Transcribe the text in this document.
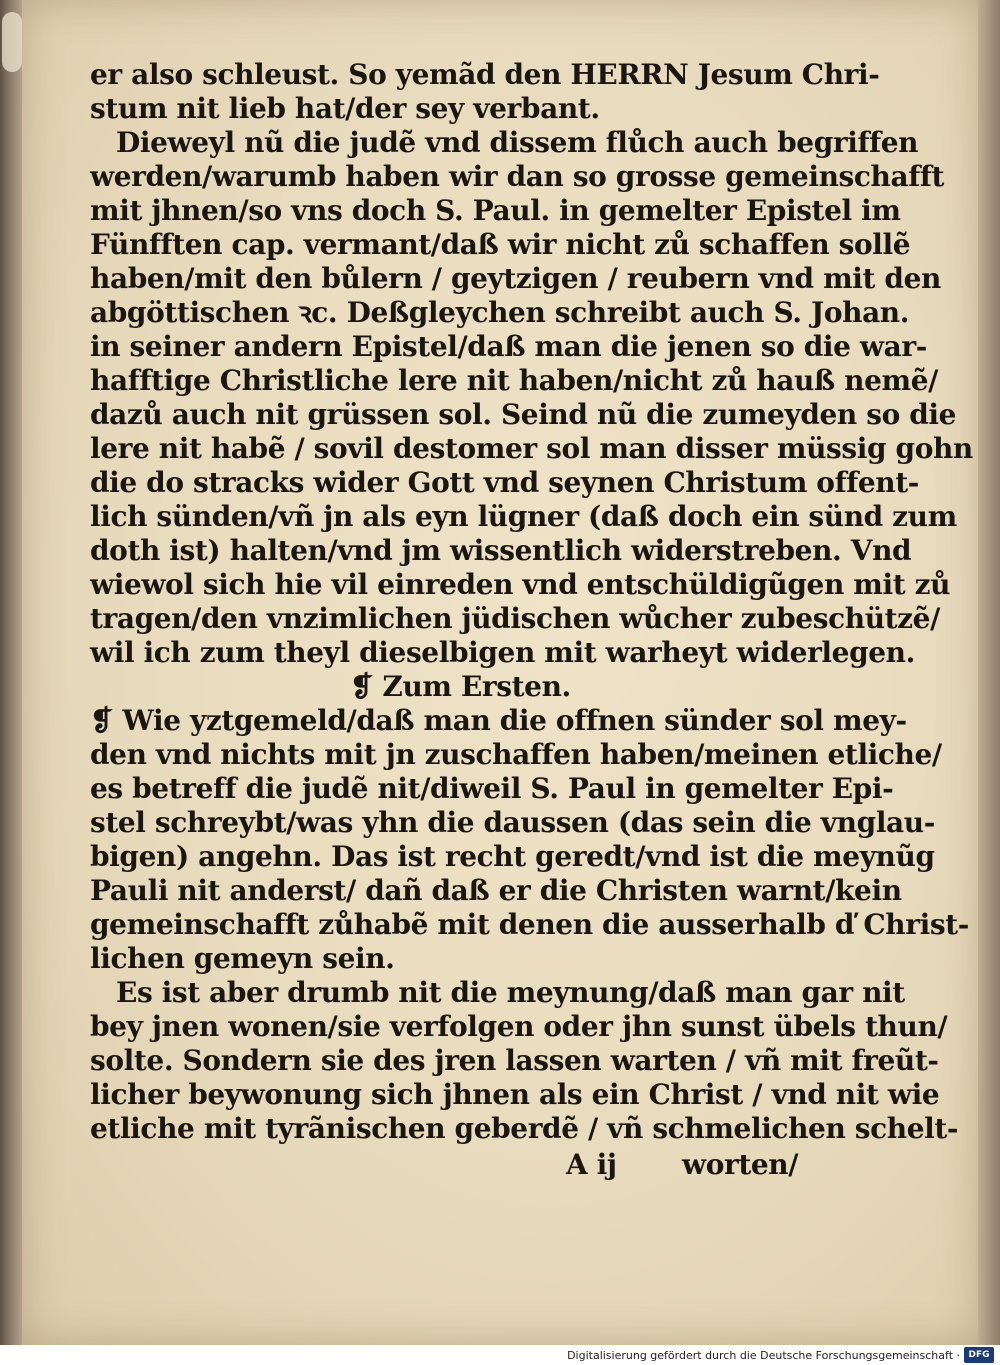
er also schleust. So yemãd den HERRN Jesum Chri-
stum nit lieb hat/der sey verbant.
Dieweyl nũ die judẽ vnd dissem flůch auch begriffen
werden/warumb haben wir dan so grosse gemeinschafft
mit jhnen/so vns doch S. Paul. in gemelter Epistel im
Fünfften cap. vermant/daß wir nicht zů schaffen sollẽ
haben/mit den bůlern / geytzigen / reubern vnd mit den
abgöttischen ꝛc. Deßgleychen schreibt auch S. Johan.
in seiner andern Epistel/daß man die jenen so die war-
hafftige Christliche lere nit haben/nicht zů hauß nemẽ/
dazů auch nit grüssen sol. Seind nũ die zumeyden so die
lere nit habẽ / sovil destomer sol man disser müssig gohn
die do stracks wider Gott vnd seynen Christum offent-
lich sünden/vñ jn als eyn lügner (daß doch ein sünd zum
doth ist) halten/vnd jm wissentlich widerstreben. Vnd
wiewol sich hie vil einreden vnd entschüldigũgen mit zů
tragen/den vnzimlichen jüdischen wůcher zubeschützẽ/
wil ich zum theyl dieselbigen mit warheyt widerlegen.
❡ Zum Ersten.
❡ Wie yztgemeld/daß man die offnen sünder sol mey-
den vnd nichts mit jn zuschaffen haben/meinen etliche/
es betreff die judẽ nit/diweil S. Paul in gemelter Epi-
stel schreybt/was yhn die daussen (das sein die vnglau-
bigen) angehn. Das ist recht geredt/vnd ist die meynũg
Pauli nit anderst/ dañ daß er die Christen warnt/kein
gemeinschafft zůhabẽ mit denen die ausserhalb ď Christ-
lichen gemeyn sein.
Es ist aber drumb nit die meynung/daß man gar nit
bey jnen wonen/sie verfolgen oder jhn sunst übels thun/
solte. Sondern sie des jren lassen warten / vñ mit freũt-
licher beywonung sich jhnen als ein Christ / vnd nit wie
etliche mit tyrãnischen geberdẽ / vñ schmelichen schelt-
A ij worten/
Digitalisierung gefördert durch die Deutsche Forschungsgemeinschaft · DFG
